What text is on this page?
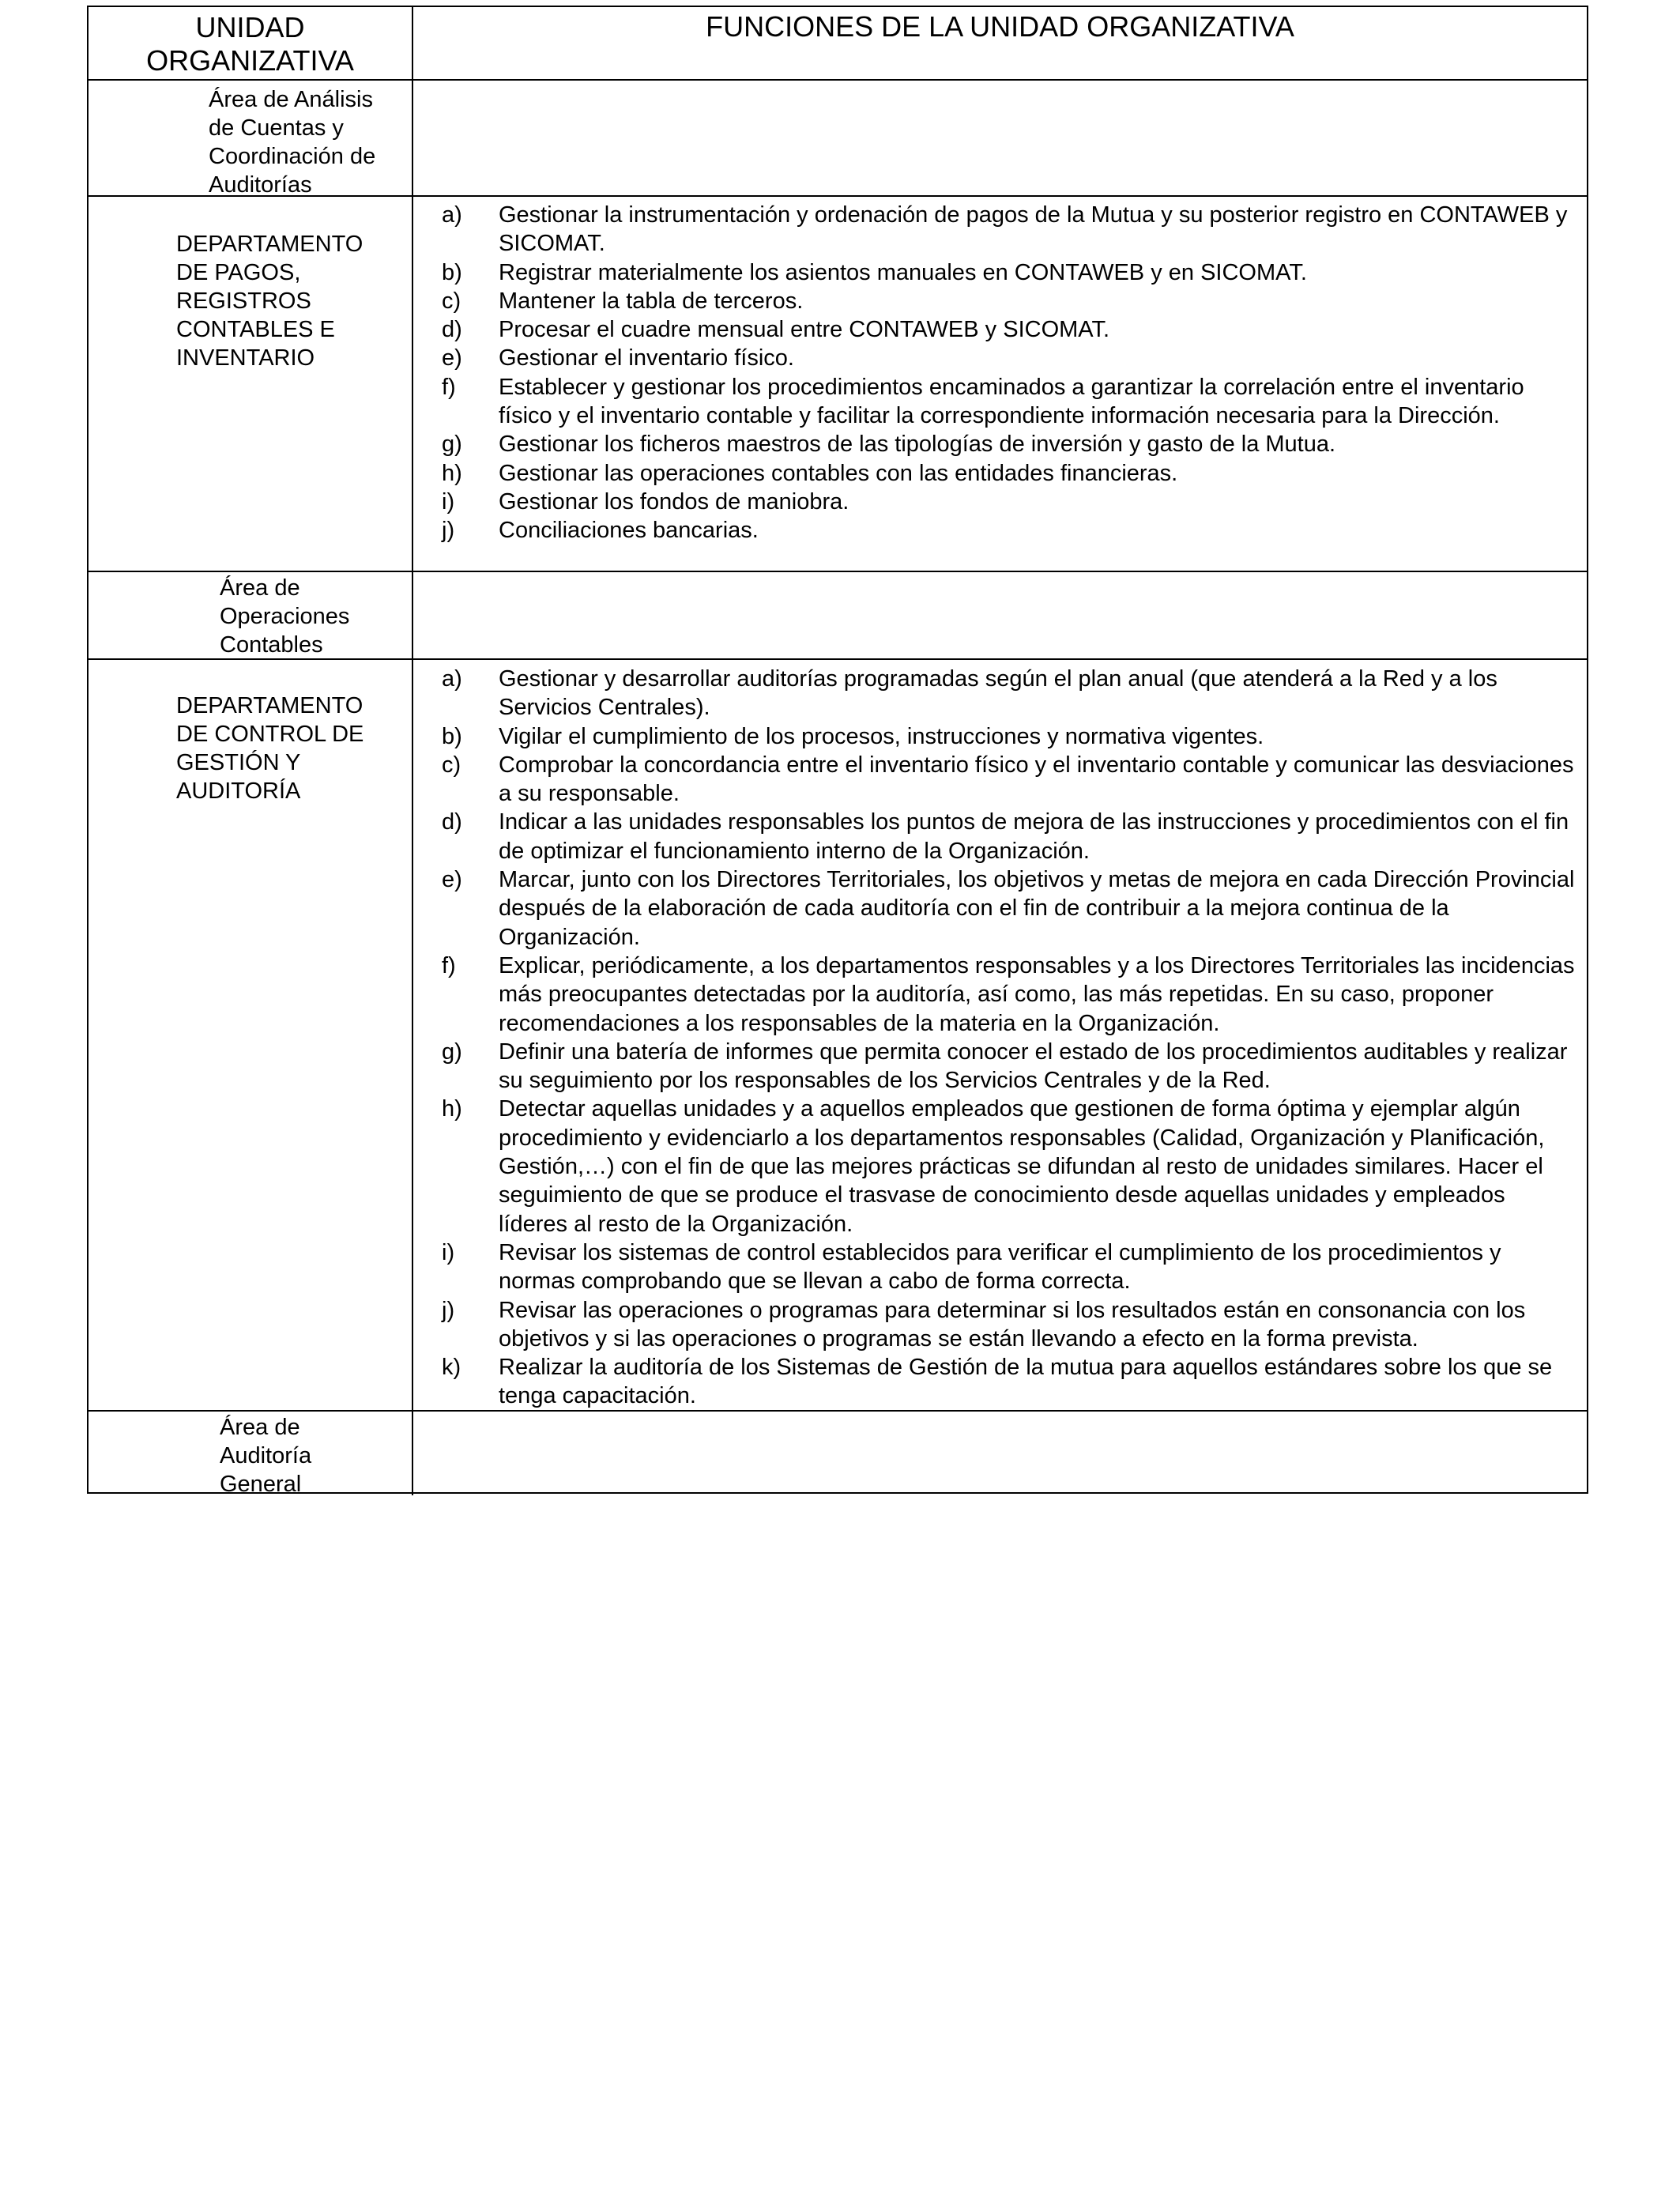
UNIDAD ORGANIZATIVA

FUNCIONES DE LA UNIDAD ORGANIZATIVA

Área de Análisis
de Cuentas y
Coordinación de
Auditorías
DEPARTAMENTO
DE PAGOS,
REGISTROS
CONTABLES E
INVENTARIO
a) Gestionar la instrumentación y ordenación de pagos de la Mutua y su posterior registro en CONTAWEB y SICOMAT.
b) Registrar materialmente los asientos manuales en CONTAWEB y en SICOMAT.
c) Mantener la tabla de terceros.
d) Procesar el cuadre mensual entre CONTAWEB y SICOMAT.
e) Gestionar el inventario físico.
f) Establecer y gestionar los procedimientos encaminados a garantizar la correlación entre el inventario físico y el inventario contable y facilitar la correspondiente información necesaria para la Dirección.
g) Gestionar los ficheros maestros de las tipologías de inversión y gasto de la Mutua.
h) Gestionar las operaciones contables con las entidades financieras.
i) Gestionar los fondos de maniobra.
j) Conciliaciones bancarias.
Área de
Operaciones
Contables
DEPARTAMENTO
DE CONTROL DE
GESTIÓN Y
AUDITORÍA
a) Gestionar y desarrollar auditorías programadas según el plan anual (que atenderá a la Red y a los Servicios Centrales).
b) Vigilar el cumplimiento de los procesos, instrucciones y normativa vigentes.
c) Comprobar la concordancia entre el inventario físico y el inventario contable y comunicar las desviaciones a su responsable.
d) Indicar a las unidades responsables los puntos de mejora de las instrucciones y procedimientos con el fin de optimizar el funcionamiento interno de la Organización.
e) Marcar, junto con los Directores Territoriales, los objetivos y metas de mejora en cada Dirección Provincial después de la elaboración de cada auditoría con el fin de contribuir a la mejora continua de la Organización.
f) Explicar, periódicamente, a los departamentos responsables y a los Directores Territoriales las incidencias más preocupantes detectadas por la auditoría, así como, las más repetidas. En su caso, proponer recomendaciones a los responsables de la materia en la Organización.
g) Definir una batería de informes que permita conocer el estado de los procedimientos auditables y realizar su seguimiento por los responsables de los Servicios Centrales y de la Red.
h) Detectar aquellas unidades y a aquellos empleados que gestionen de forma óptima y ejemplar algún procedimiento y evidenciarlo a los departamentos responsables (Calidad, Organización y Planificación, Gestión,…) con el fin de que las mejores prácticas se difundan al resto de unidades similares. Hacer el seguimiento de que se produce el trasvase de conocimiento desde aquellas unidades y empleados líderes al resto de la Organización.
i) Revisar los sistemas de control establecidos para verificar el cumplimiento de los procedimientos y normas comprobando que se llevan a cabo de forma correcta.
j) Revisar las operaciones o programas para determinar si los resultados están en consonancia con los objetivos y si las operaciones o programas se están llevando a efecto en la forma prevista.
k) Realizar la auditoría de los Sistemas de Gestión de la mutua para aquellos estándares sobre los que se tenga capacitación.
Área de
Auditoría
General
